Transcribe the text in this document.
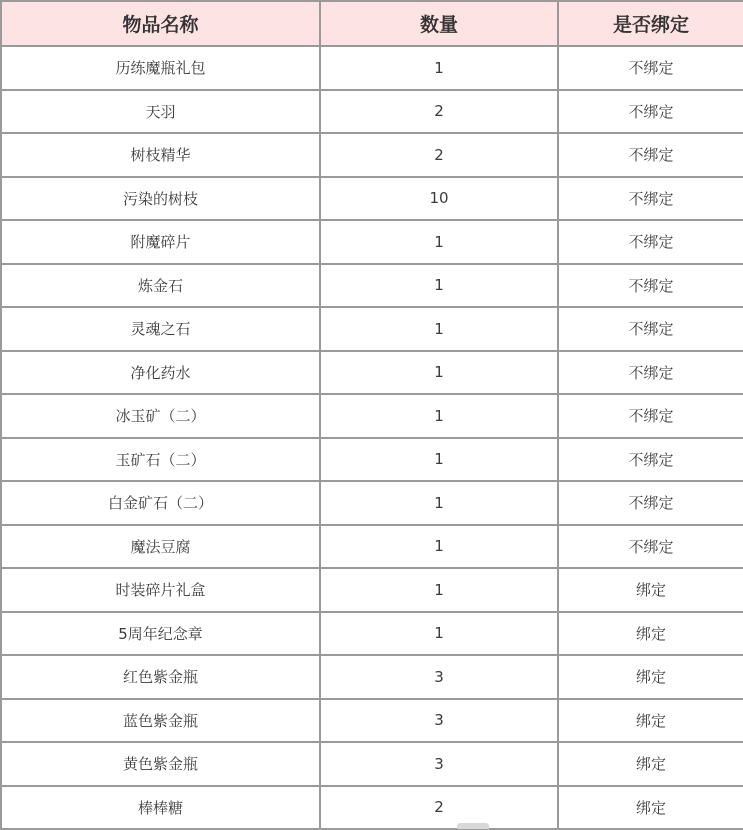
物品名称	数量	是否绑定
历练魔瓶礼包	1	不绑定
天羽	2	不绑定
树枝精华	2	不绑定
污染的树枝	10	不绑定
附魔碎片	1	不绑定
炼金石	1	不绑定
灵魂之石	1	不绑定
净化药水	1	不绑定
冰玉矿（二）	1	不绑定
玉矿石（二）	1	不绑定
白金矿石（二）	1	不绑定
魔法豆腐	1	不绑定
时装碎片礼盒	1	绑定
5周年纪念章	1	绑定
红色紫金瓶	3	绑定
蓝色紫金瓶	3	绑定
黄色紫金瓶	3	绑定
棒棒糖	2	绑定
